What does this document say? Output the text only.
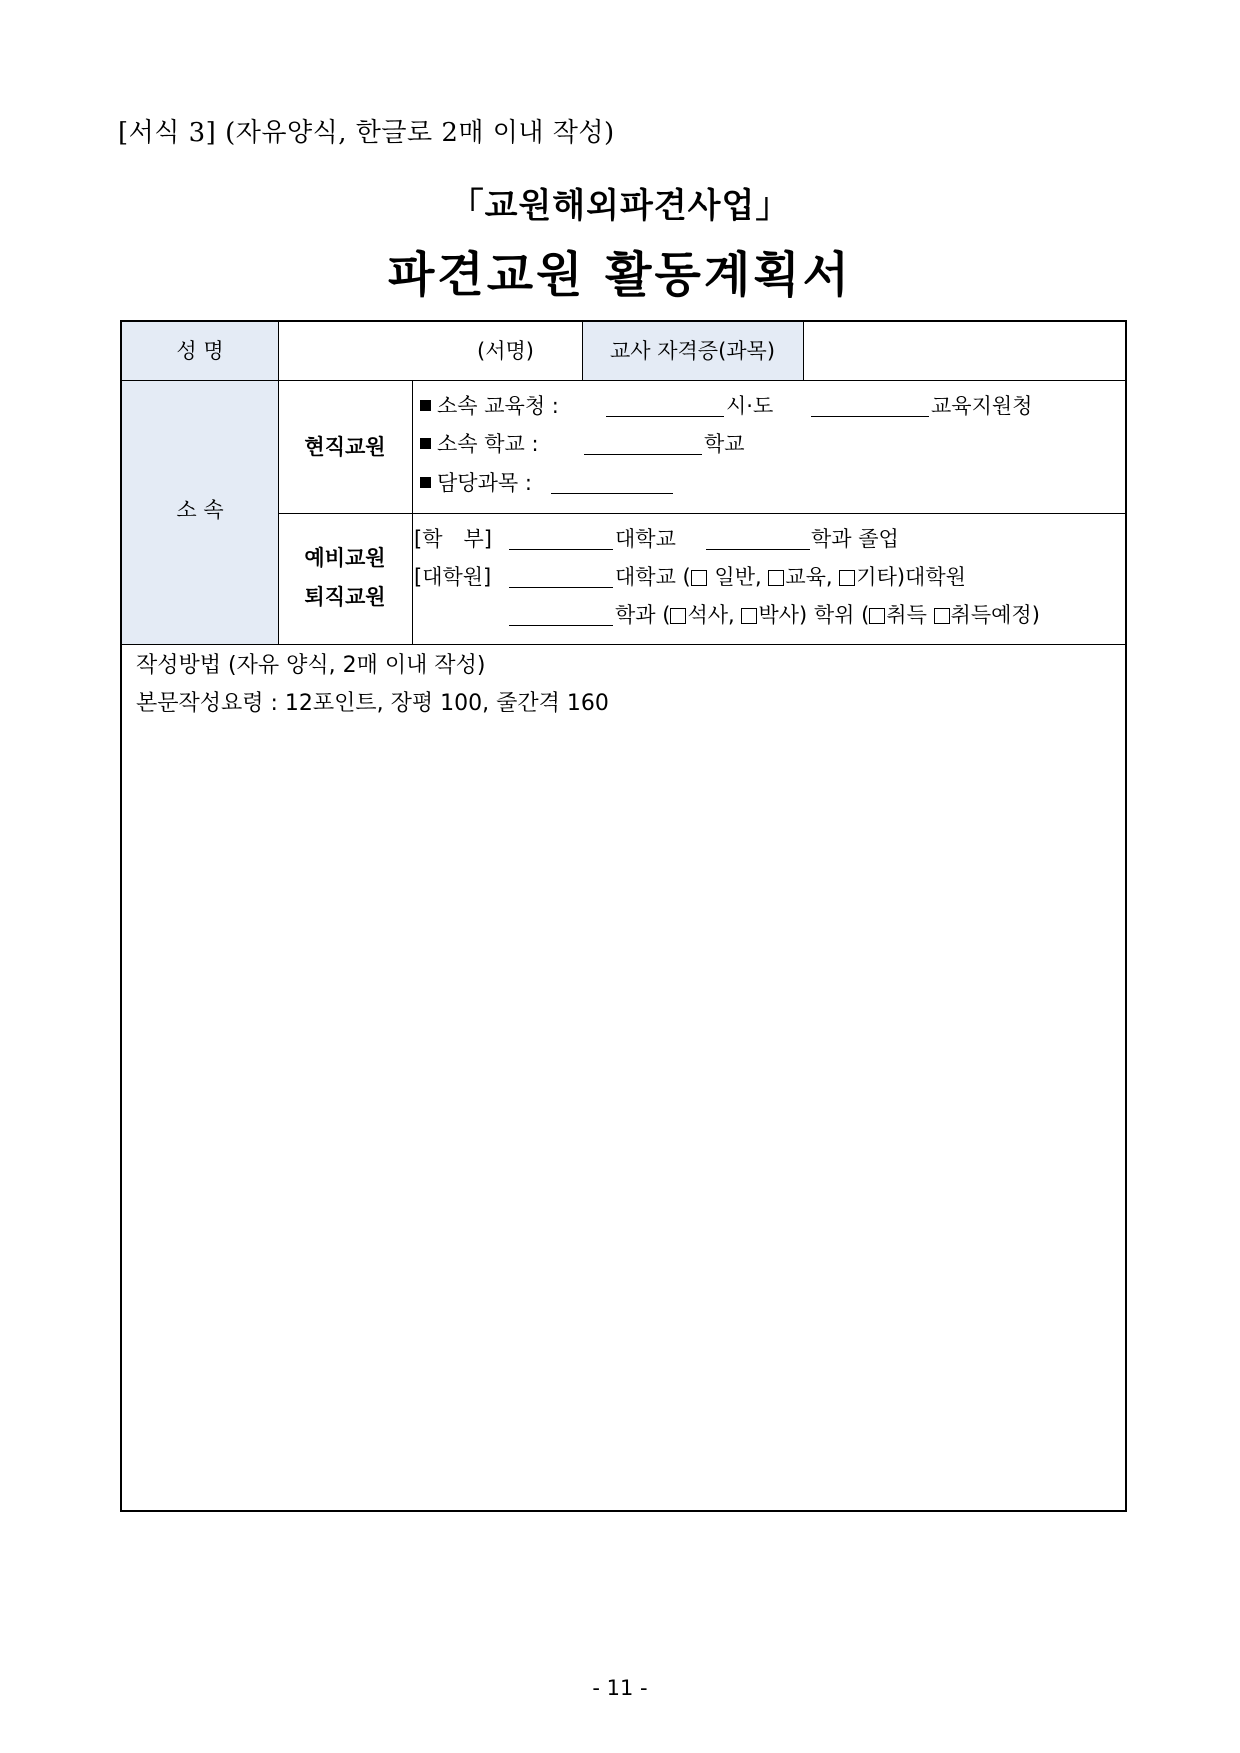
[서식 3] (자유양식, 한글로 2매 이내 작성)
「교원해외파견사업」
파견교원 활동계획서
성 명	(서명)	교사 자격증(과목)
소 속
현직교원
소속 교육청 :	시·도	교육지원청
소속 학교 :	학교
담당과목 :
예비교원
퇴직교원
[학　부]	대학교	학과 졸업
[대학원]	대학교 ( 일반, 교육, 기타)대학원
학과 ( 석사, 박사) 학위 ( 취득 취득예정)
작성방법 (자유 양식, 2매 이내 작성)
본문작성요령 : 12포인트, 장평 100, 줄간격 160
- 11 -
